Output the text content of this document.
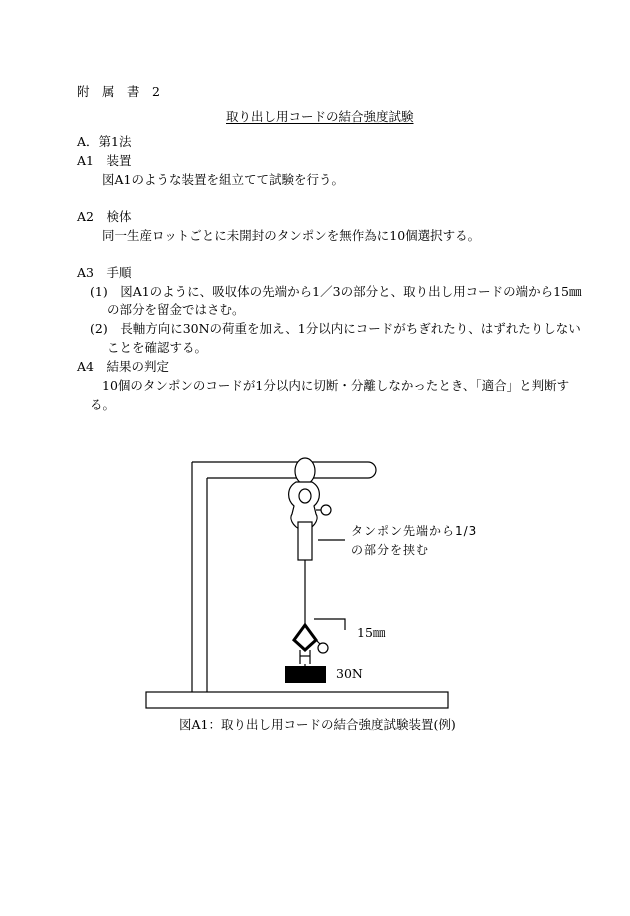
附　属　書　2
取り出し用コードの結合強度試験
A．第1法
A1　装置
図A1のような装置を組立てて試験を行う。
A2　検体
同一生産ロットごとに未開封のタンポンを無作為に10個選択する。
A3　手順
(1)　図A1のように、吸収体の先端から1／3の部分と、取り出し用コードの端から15㎜
の部分を留金ではさむ。
(2)　長軸方向に30Nの荷重を加え、1分以内にコードがちぎれたり、はずれたりしない
ことを確認する。
A4　結果の判定
10個のタンポンのコードが1分以内に切断・分離しなかったとき、「適合」と判断す
る。
タンポン先端から1/3
の部分を挟む
15㎜
30N
図A1：取り出し用コードの結合強度試験装置(例)
